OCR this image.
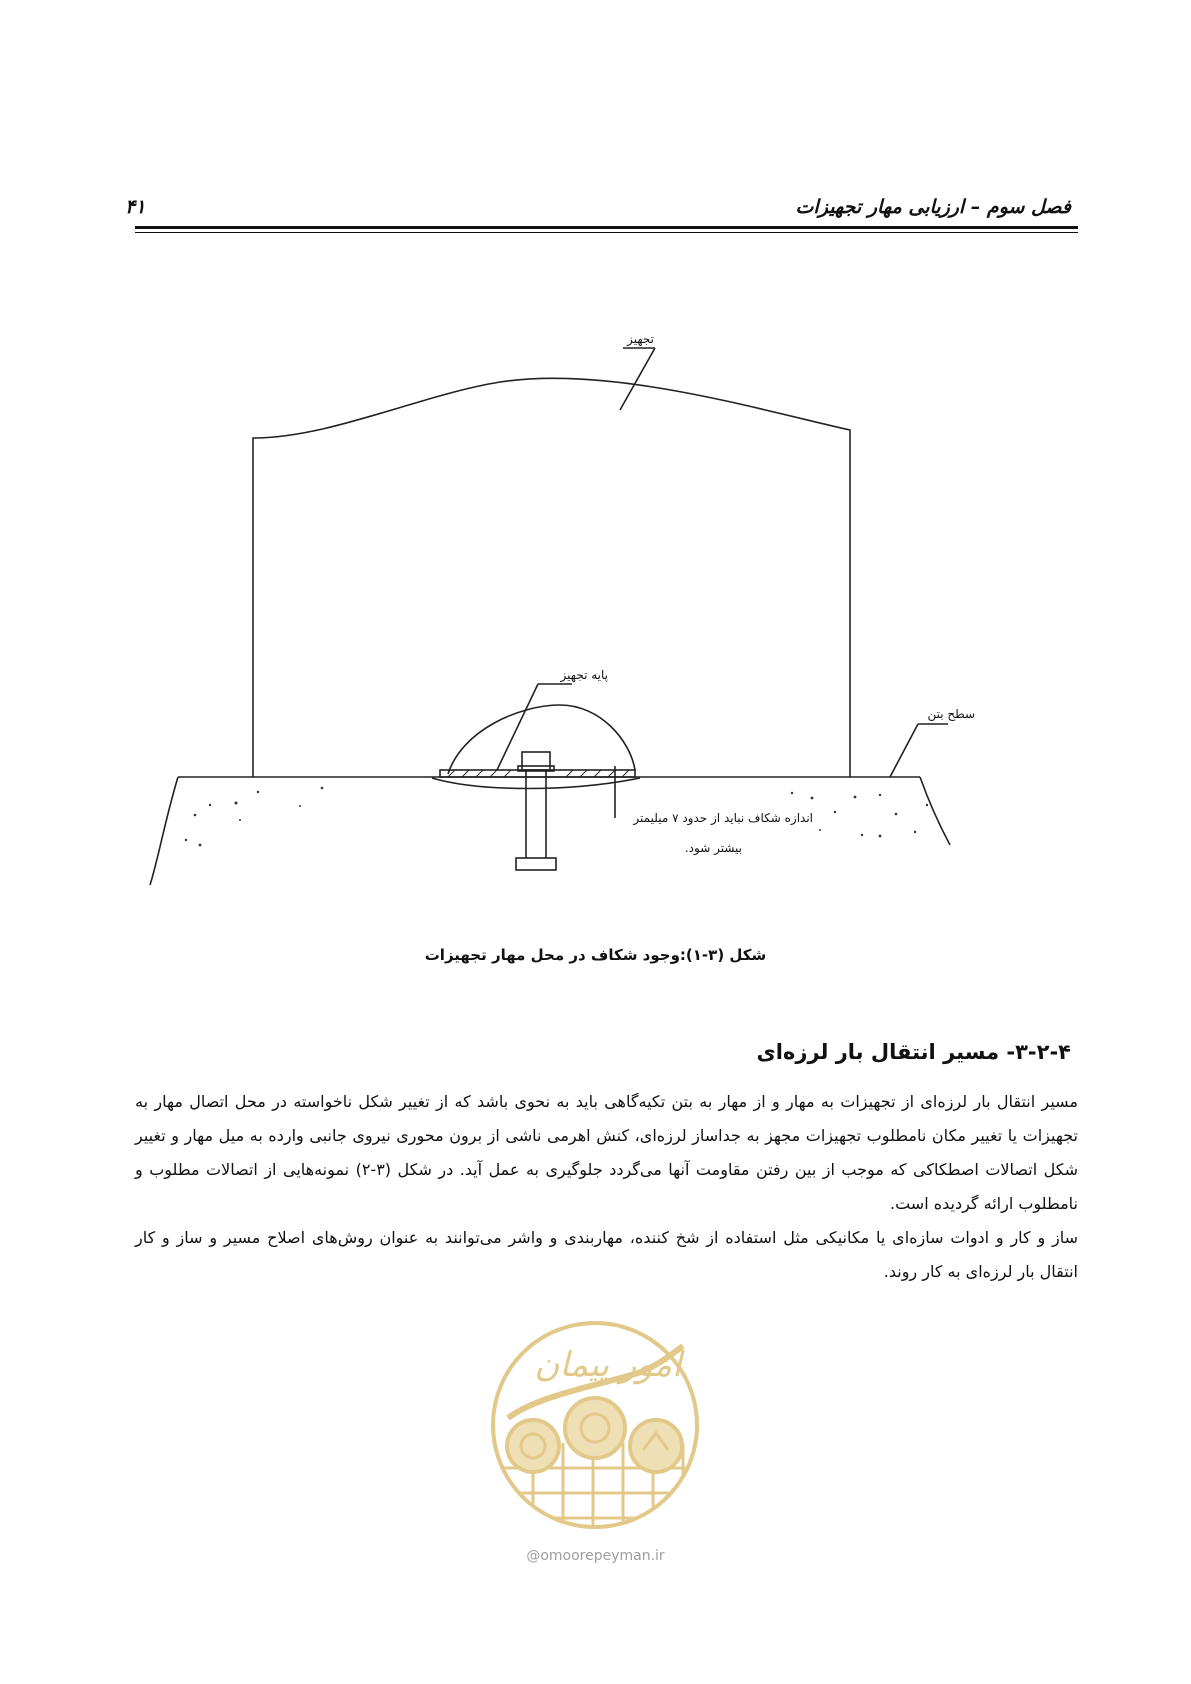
فصل سوم – ارزیابی مهار تجهیزات
۴۱
تجهیز
پایه تجهیز
سطح بتن
اندازه شکاف نباید از حدود ۷ میلیمتر
بیشتر شود.
شکل (۳-۱):وجود شکاف در محل مهار تجهیزات
۳-۲-۴- مسیر انتقال بار لرزه‌ای

مسیر انتقال بار لرزه‌ای از تجهیزات به مهار و از مهار به بتن تکیه‌گاهی باید به نحوی باشد که از تغییر شکل ناخواسته در محل اتصال مهار به تجهیزات یا تغییر مکان نامطلوب تجهیزات مجهز به جداساز لرزه‌ای، کنش اهرمی ناشی از برون محوری نیروی جانبی وارده به میل مهار و تغییر شکل اتصالات اصطکاکی که موجب از بین رفتن مقاومت آنها می‌گردد جلوگیری به عمل آید. در شکل (۳-۲) نمونه‌هایی از اتصالات مطلوب و نامطلوب ارائه گردیده است.

ساز و کار و ادوات سازه‌ای یا مکانیکی مثل استفاده از شخ کننده، مهاربندی و واشر می‌توانند به عنوان روش‌های اصلاح مسیر و ساز و کار انتقال بار لرزه‌ای به کار روند.

امور پیمان
@omoorepeyman.ir
